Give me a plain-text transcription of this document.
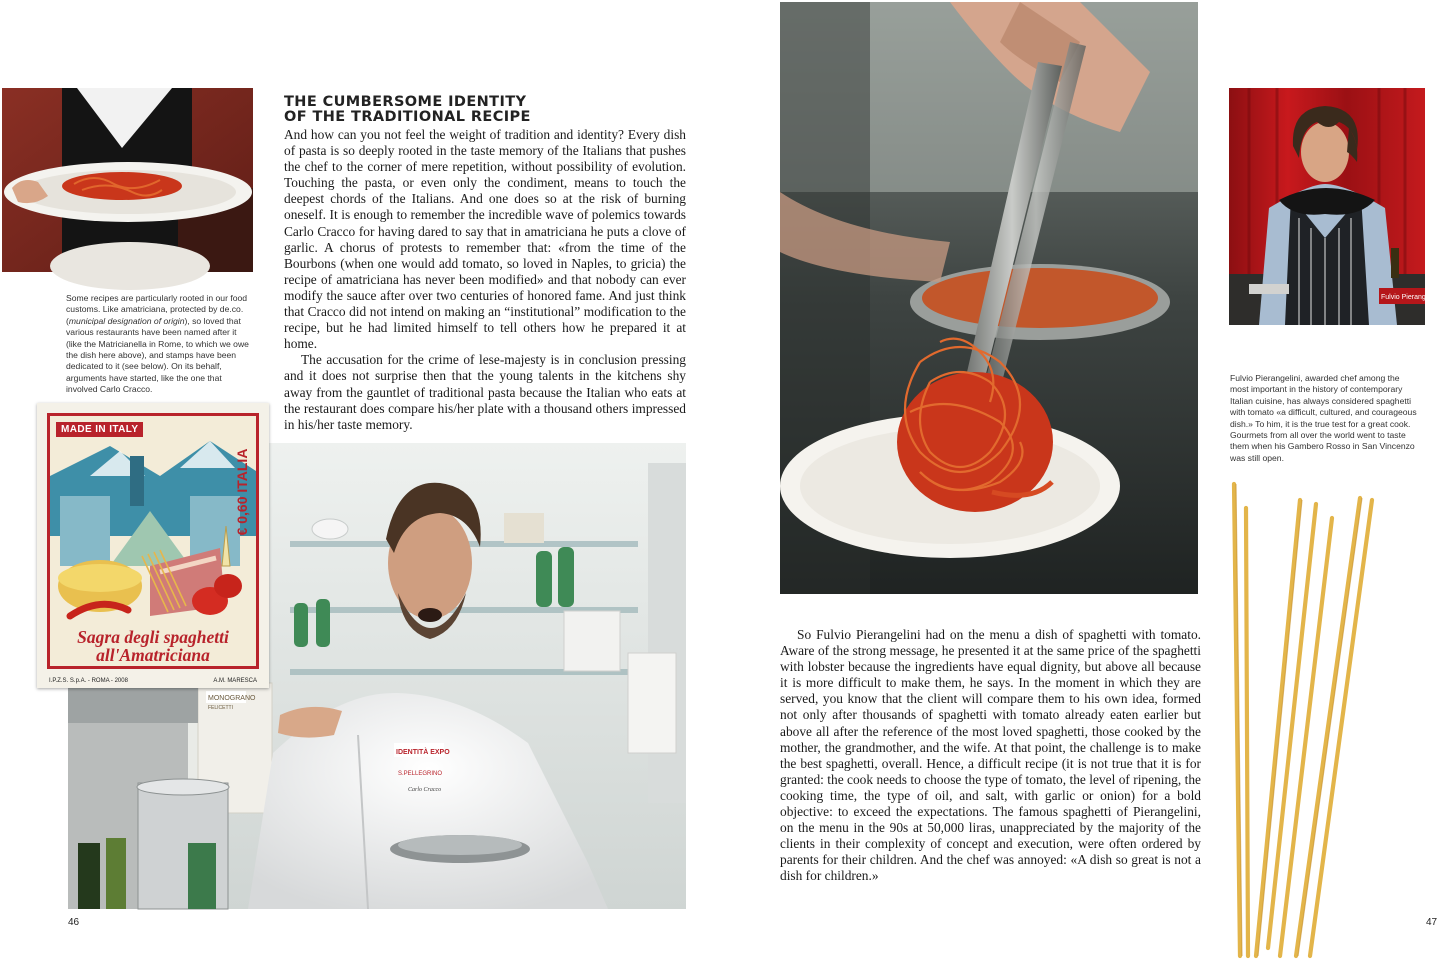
THE CUMBERSOME IDENTITY
OF THE TRADITIONAL RECIPE

And how can you not feel the weight of tradition and identity? Every dish of pasta is so deeply rooted in the taste memory of the Italians that pushes the chef to the corner of mere repetition, without possibility of evolution. Touching the pasta, or even only the condiment, means to touch the deepest chords of the Italians. And one does so at the risk of burning oneself. It is enough to remember the incredible wave of polemics towards Carlo Cracco for having dared to say that in amatriciana he puts a clove of garlic. A chorus of protests to remember that: «from the time of the Bourbons (when one would add tomato, so loved in Naples, to gricia) the recipe of amatriciana has never been modified» and that nobody can ever modify the sauce after over two centuries of honored fame. And just think that Cracco did not intend on making an “institutional” modification to the recipe, but he had limited himself to tell others how he prepared it at home.

The accusation for the crime of lese-majesty is in conclusion pressing and it does not surprise then that the young talents in the kitchens shy away from the gauntlet of traditional pasta because the Italian who eats at the restaurant does compare his/her plate with a thousand others impressed in his/her taste memory.

Some recipes are particularly rooted in our food customs. Like amatriciana, protected by de.co. (municipal designation of origin), so loved that various restaurants have been named after it (like the Matricianella in Rome, to which we owe the dish here above), and stamps have been dedicated to it (see below). On its behalf, arguments have started, like the one that involved Carlo Cracco.
MONOGRANO
FELICETTI
IDENTITÀ EXPO
S.PELLEGRINO
Carlo Cracco
MADE IN ITALY
€ 0,60 ITALIA
Sagra degli spaghetti
all'Amatriciana
I.P.Z.S. S.p.A. - ROMA - 2008	A.M. MARESCA
46
Fulvio Pierangelini
Fulvio Pierangelini, awarded chef among the most important in the history of contemporary Italian cuisine, has always considered spaghetti with tomato «a difficult, cultured, and courageous dish.» To him, it is the true test for a great cook. Gourmets from all over the world went to taste them when his Gambero Rosso in San Vincenzo was still open.

So Fulvio Pierangelini had on the menu a dish of spaghetti with tomato. Aware of the strong message, he presented it at the same price of the spaghetti with lobster because the ingredients have equal dignity, but above all because it is more difficult to make them, he says. In the moment in which they are served, you know that the client will compare them to his own idea, formed not only after thousands of spaghetti with tomato already eaten earlier but above all after the reference of the most loved spaghetti, those cooked by the mother, the grandmother, and the wife. At that point, the challenge is to make the best spaghetti, overall. Hence, a difficult recipe (it is not true that it is for granted: the cook needs to choose the type of tomato, the level of ripening, the cooking time, the type of oil, and salt, with garlic or onion) for a bold objective: to exceed the expectations. The famous spaghetti of Pierangelini, on the menu in the 90s at 50,000 liras, unappreciated by the majority of the clients in their complexity of concept and execution, were often ordered by parents for their children. And the chef was annoyed: «A dish so great is not a dish for children.»

47
